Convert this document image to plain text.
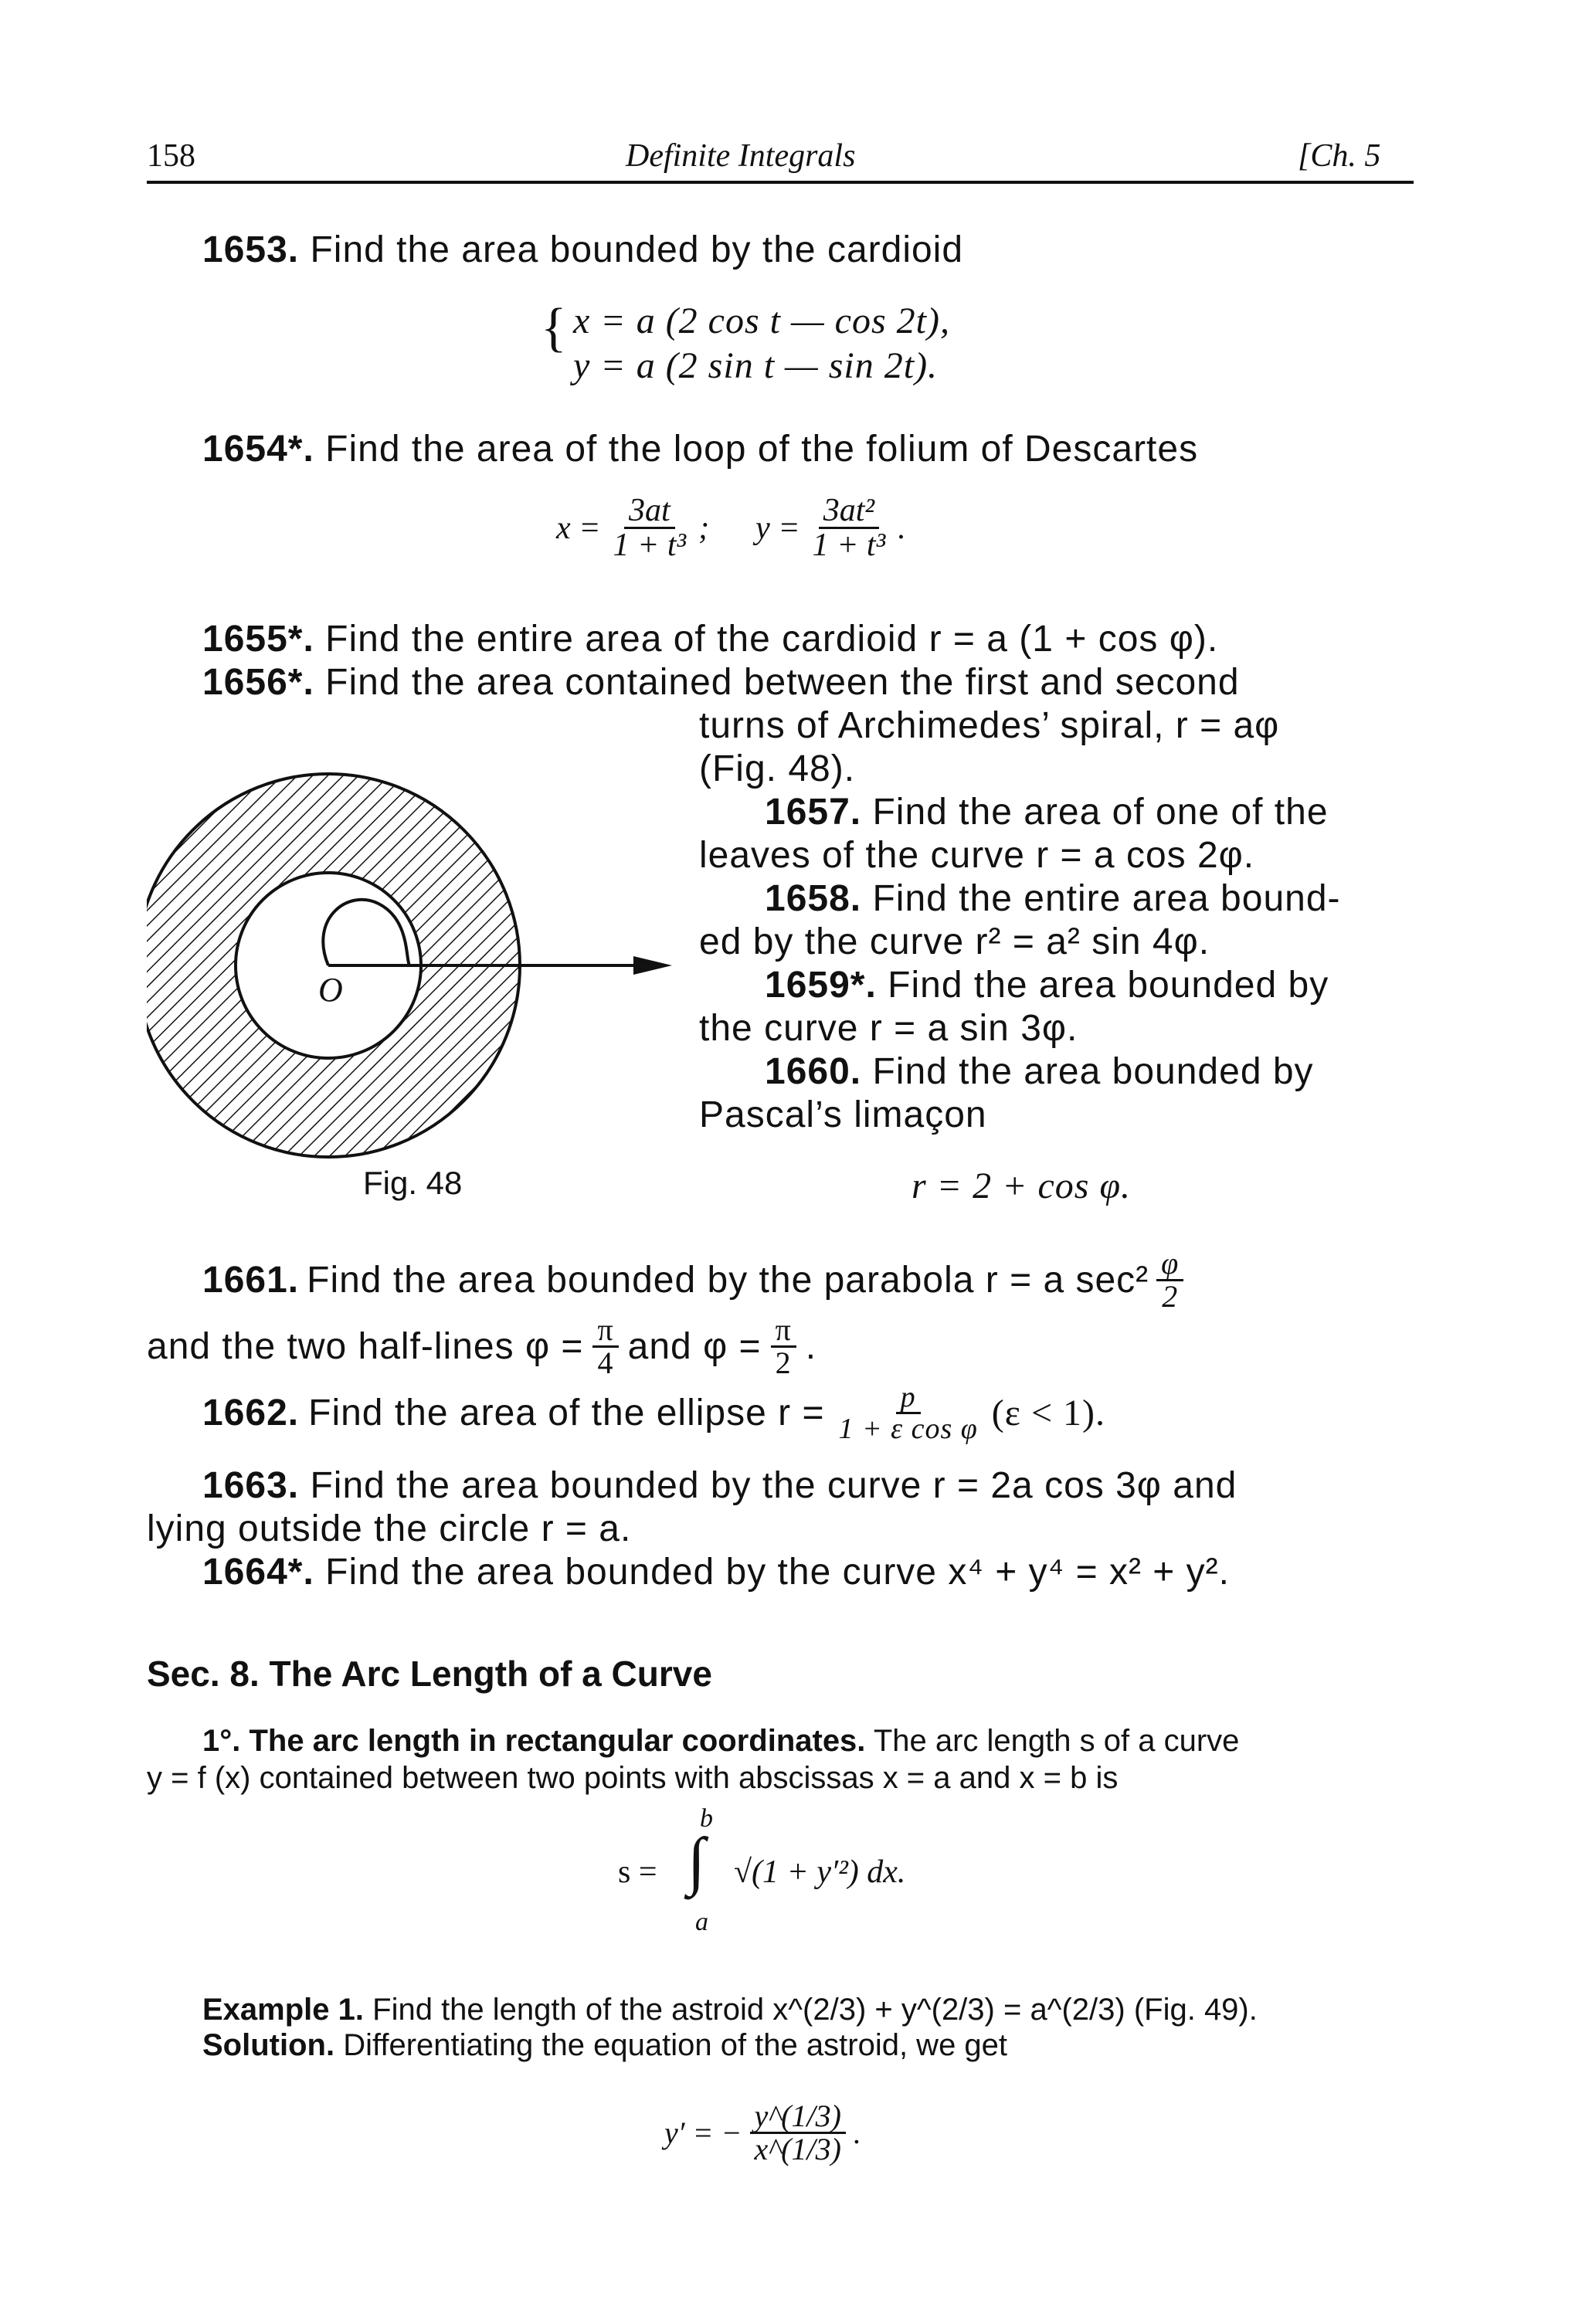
158	Definite Integrals	[Ch. 5
1653. Find the area bounded by the cardioid
{ x = a (2 cos t — cos 2t),
y = a (2 sin t — sin 2t).
1654*. Find the area of the loop of the folium of Descartes
$x = \frac{3at}{\text{1 + t³}}$ ; $y = \frac{\text{3at²}}{\text{1 + t³}}$ .
1655*. Find the entire area of the cardioid r = a (1 + cos φ).
1656*. Find the area contained between the first and second
turns of Archimedes’ spiral, r = aφ
(Fig. 48).
1657. Find the area of one of the
leaves of the curve r = a cos 2φ.
1658. Find the entire area bound-
ed by the curve r² = a² sin 4φ.
1659*. Find the area bounded by
the curve r = a sin 3φ.
1660. Find the area bounded by
Pascal’s limaçon
r = 2 + cos φ.
O
Fig. 48
1661. Find the area bounded by the parabola r = a $\sec^2 \frac{\varphi}{2}$
and the two half-lines $\varphi = \frac{\pi}{4}$ and $\varphi = \frac{\pi}{2}$ .
1662. Find the area of the ellipse $r = \frac{p}{\text{1 + ε cos φ}} (\varepsilon < 1)$.
1663. Find the area bounded by the curve r = 2a cos 3φ and
lying outside the circle r = a.
1664*. Find the area bounded by the curve x⁴ + y⁴ = x² + y².
Sec. 8. The Arc Length of a Curve
1°. The arc length in rectangular coordinates. The arc length s of a curve
y = f (x) contained between two points with abscissas x = a and x = b is
b
s = ∫ √(1 + y′²) dx.
a
Example 1. Find the length of the astroid x^(2/3) + y^(2/3) = a^(2/3) (Fig. 49).
Solution. Differentiating the equation of the astroid, we get
y′ = − $\frac{y\^{}(1/3)}{x\^{}(1/3)}$ .
